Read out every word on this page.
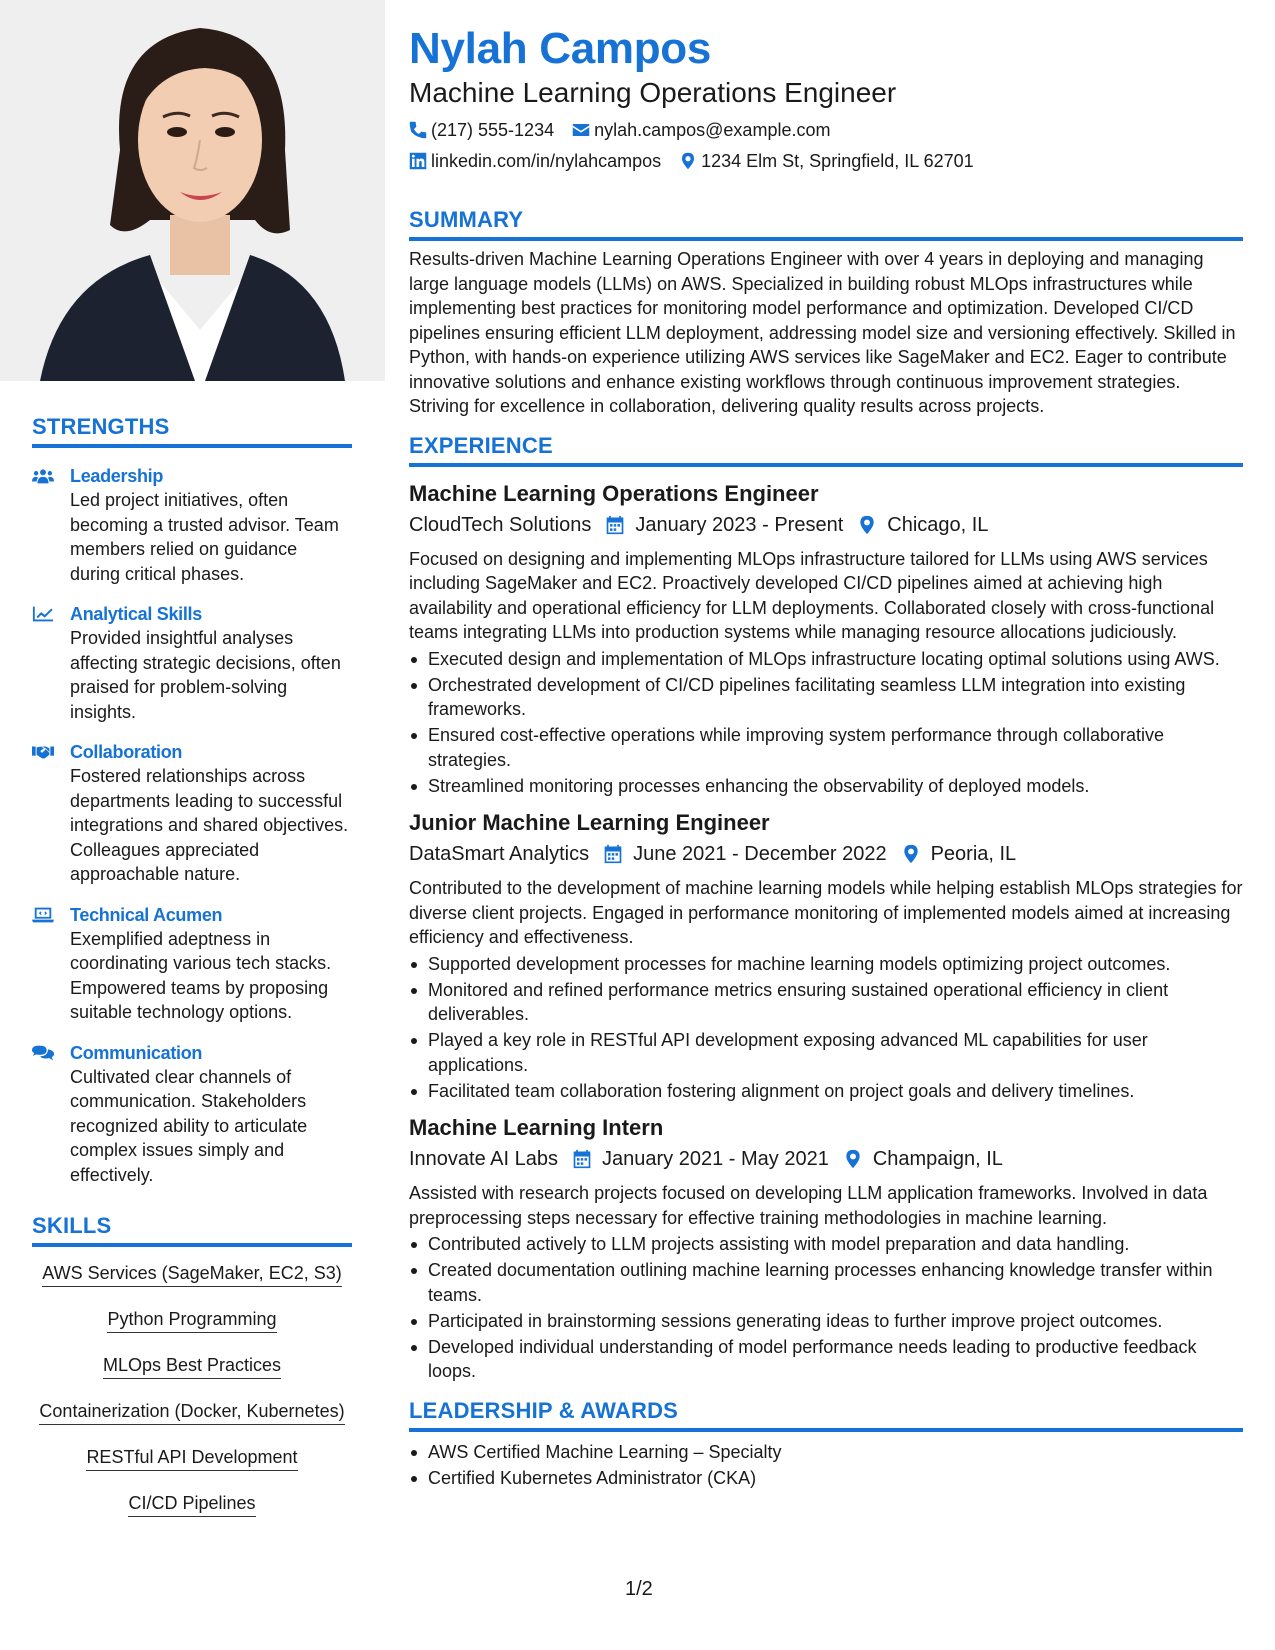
STRENGTHS
Leadership
Led project initiatives, often becoming a trusted advisor. Team members relied on guidance during critical phases.
Analytical Skills
Provided insightful analyses affecting strategic decisions, often praised for problem-solving insights.
Collaboration
Fostered relationships across departments leading to successful integrations and shared objectives. Colleagues appreciated approachable nature.
Technical Acumen
Exemplified adeptness in coordinating various tech stacks. Empowered teams by proposing suitable technology options.
Communication
Cultivated clear channels of communication. Stakeholders recognized ability to articulate complex issues simply and effectively.
SKILLS
AWS Services (SageMaker, EC2, S3)
Python Programming
MLOps Best Practices
Containerization (Docker, Kubernetes)
RESTful API Development
CI/CD Pipelines
Nylah Campos
Machine Learning Operations Engineer
(217) 555-1234 nylah.campos@example.com
linkedin.com/in/nylahcampos 1234 Elm St, Springfield, IL 62701
SUMMARY
Results-driven Machine Learning Operations Engineer with over 4 years in deploying and managing large language models (LLMs) on AWS. Specialized in building robust MLOps infrastructures while implementing best practices for monitoring model performance and optimization. Developed CI/CD pipelines ensuring efficient LLM deployment, addressing model size and versioning effectively. Skilled in Python, with hands-on experience utilizing AWS services like SageMaker and EC2. Eager to contribute innovative solutions and enhance existing workflows through continuous improvement strategies. Striving for excellence in collaboration, delivering quality results across projects.
EXPERIENCE
Machine Learning Operations Engineer
CloudTech Solutions January 2023 - Present Chicago, IL
Focused on designing and implementing MLOps infrastructure tailored for LLMs using AWS services including SageMaker and EC2. Proactively developed CI/CD pipelines aimed at achieving high availability and operational efficiency for LLM deployments. Collaborated closely with cross-functional teams integrating LLMs into production systems while managing resource allocations judiciously.
Executed design and implementation of MLOps infrastructure locating optimal solutions using AWS.
Orchestrated development of CI/CD pipelines facilitating seamless LLM integration into existing frameworks.
Ensured cost-effective operations while improving system performance through collaborative strategies.
Streamlined monitoring processes enhancing the observability of deployed models.
Junior Machine Learning Engineer
DataSmart Analytics June 2021 - December 2022 Peoria, IL
Contributed to the development of machine learning models while helping establish MLOps strategies for diverse client projects. Engaged in performance monitoring of implemented models aimed at increasing efficiency and effectiveness.
Supported development processes for machine learning models optimizing project outcomes.
Monitored and refined performance metrics ensuring sustained operational efficiency in client deliverables.
Played a key role in RESTful API development exposing advanced ML capabilities for user applications.
Facilitated team collaboration fostering alignment on project goals and delivery timelines.
Machine Learning Intern
Innovate AI Labs January 2021 - May 2021 Champaign, IL
Assisted with research projects focused on developing LLM application frameworks. Involved in data preprocessing steps necessary for effective training methodologies in machine learning.
Contributed actively to LLM projects assisting with model preparation and data handling.
Created documentation outlining machine learning processes enhancing knowledge transfer within teams.
Participated in brainstorming sessions generating ideas to further improve project outcomes.
Developed individual understanding of model performance needs leading to productive feedback loops.
LEADERSHIP & AWARDS
AWS Certified Machine Learning – Specialty
Certified Kubernetes Administrator (CKA)
1/2
